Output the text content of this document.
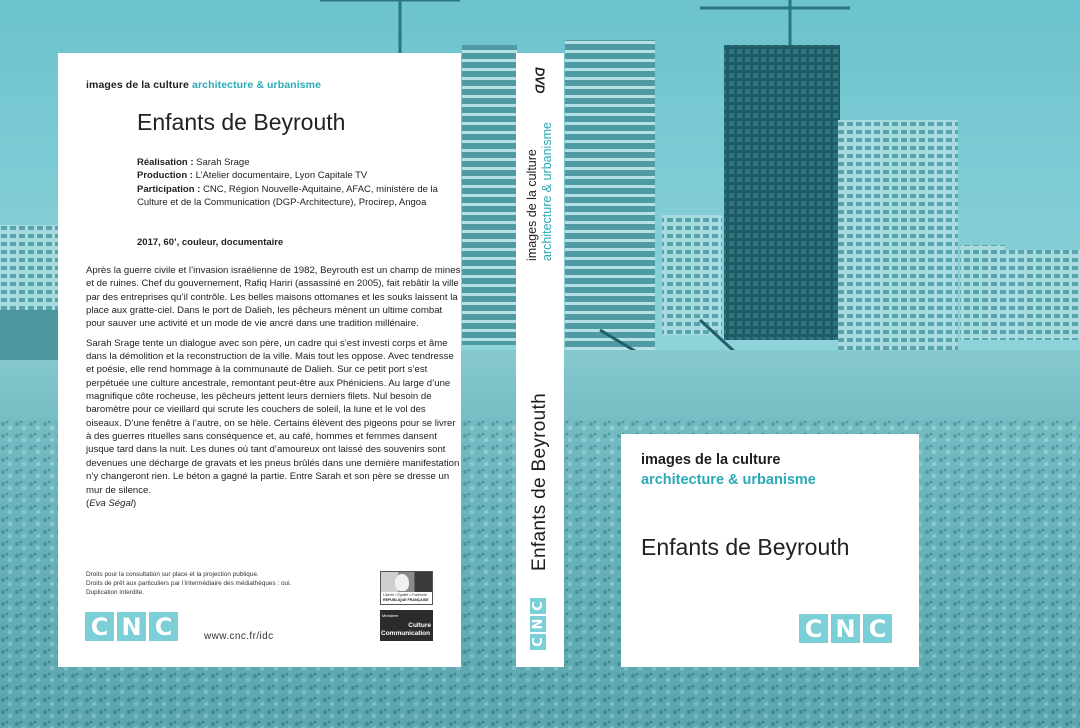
images de la culture architecture & urbanisme
Enfants de Beyrouth
Réalisation : Sarah Srage
Production : L’Atelier documentaire, Lyon Capitale TV
Participation : CNC, Région Nouvelle-Aquitaine, AFAC, ministère de la Culture et de la Communication (DGP-Architecture), Procirep, Angoa
2017, 60’, couleur, documentaire

Après la guerre civile et l’invasion israélienne de 1982, Beyrouth est un champ de mines et de ruines. Chef du gouvernement, Rafiq Hariri (assassiné en 2005), fait rebâtir la ville par des entreprises qu’il contrôle. Les belles maisons ottomanes et les souks laissent la place aux gratte-ciel. Dans le port de Dalieh, les pêcheurs mènent un ultime combat pour sauver une activité et un mode de vie ancré dans une tradition millénaire.

Sarah Srage tente un dialogue avec son père, un cadre qui s’est investi corps et âme dans la démolition et la reconstruction de la ville. Mais tout les oppose. Avec tendresse et poésie, elle rend hommage à la communauté de Dalieh. Sur ce petit port s’est perpétuée une culture ancestrale, remontant peut-être aux Phéniciens. Au large d’une magnifique côte rocheuse, les pêcheurs jettent leurs derniers filets. Nul besoin de baromètre pour ce vieillard qui scrute les couchers de soleil, la lune et le vol des oiseaux. D’une fenêtre à l’autre, on se hèle. Certains élèvent des pigeons pour se livrer à des guerres rituelles sans conséquence et, au café, hommes et femmes dansent jusque tard dans la nuit. Les dunes où tant d’amoureux ont laissé des souvenirs sont devenues une décharge de gravats et les pneus brûlés dans une dernière manifestation n’y changeront rien. Le béton a gagné la partie. Entre Sarah et son père se dresse un mur de silence.
(Eva Ségal)

Droits pour la consultation sur place et la projection publique.
Droits de prêt aux particuliers par l’intermédiaire des médiathèques : oui.
Duplication interdite.
C N C	www.cnc.fr/idc
Liberté • Égalité • Fraternité
RÉPUBLIQUE FRANÇAISE
Ministère
Culture
Communication
DVD
images de la culture architecture & urbanisme
Enfants de Beyrouth
C
N
C
images de la culture
architecture & urbanisme
Enfants de Beyrouth
C N C
